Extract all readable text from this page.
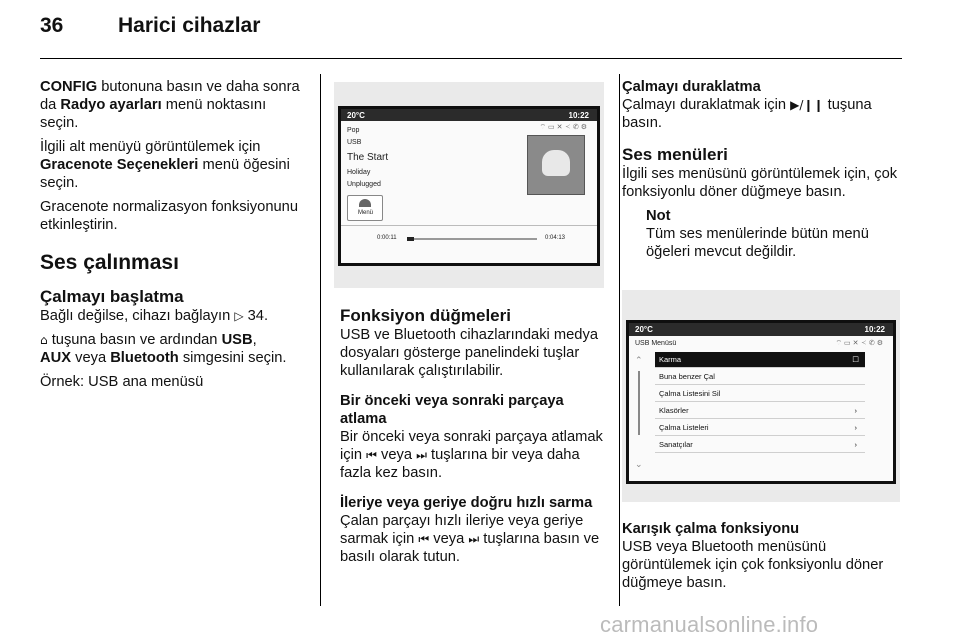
36	Harici cihazlar

CONFIG butonuna basın ve daha sonra da Radyo ayarları menü noktasını seçin.

İlgili alt menüyü görüntülemek için Gracenote Seçenekleri menü öğesini seçin.

Gracenote normalizasyon fonksiyonunu etkinleştirin.

Ses çalınması
Çalmayı başlatma

Bağlı değilse, cihazı bağlayın ▷ 34.

⌂ tuşuna basın ve ardından USB,
AUX veya Bluetooth simgesini seçin.

Örnek: USB ana menüsü

20°C	10:22
Pop
USB
The Start
Holiday
Unplugged
⌔ ▭ ✕ ≺ ✆ ⚙
Menü
0:00:11	0:04:13
Fonksiyon düğmeleri

USB ve Bluetooth cihazlarındaki medya dosyaları gösterge panelindeki tuşlar kullanılarak çalıştırılabilir.

Bir önceki veya sonraki parçaya atlama

Bir önceki veya sonraki parçaya atlamak için ⏮ veya ⏭ tuşlarına bir veya daha fazla kez basın.

İleriye veya geriye doğru hızlı sarma

Çalan parçayı hızlı ileriye veya geriye sarmak için ⏮ veya ⏭ tuşlarına basın ve basılı olarak tutun.

Çalmayı duraklatma

Çalmayı duraklatmak için ▶/❙❙ tuşuna basın.

Ses menüleri

İlgili ses menüsünü görüntülemek için, çok fonksiyonlu döner düğmeye basın.

Not
Tüm ses menülerinde bütün menü öğeleri mevcut değildir.
20°C	10:22
USB Menüsü	⌔ ▭ ✕ ≺ ✆ ⚙
⌃
⌄
Karma	☐
Buna benzer Çal
Çalma Listesini Sil
Klasörler	›
Çalma Listeleri	›
Sanatçılar	›
Karışık çalma fonksiyonu

USB veya Bluetooth menüsünü görüntülemek için çok fonksiyonlu döner düğmeye basın.

carmanualsonline.info
